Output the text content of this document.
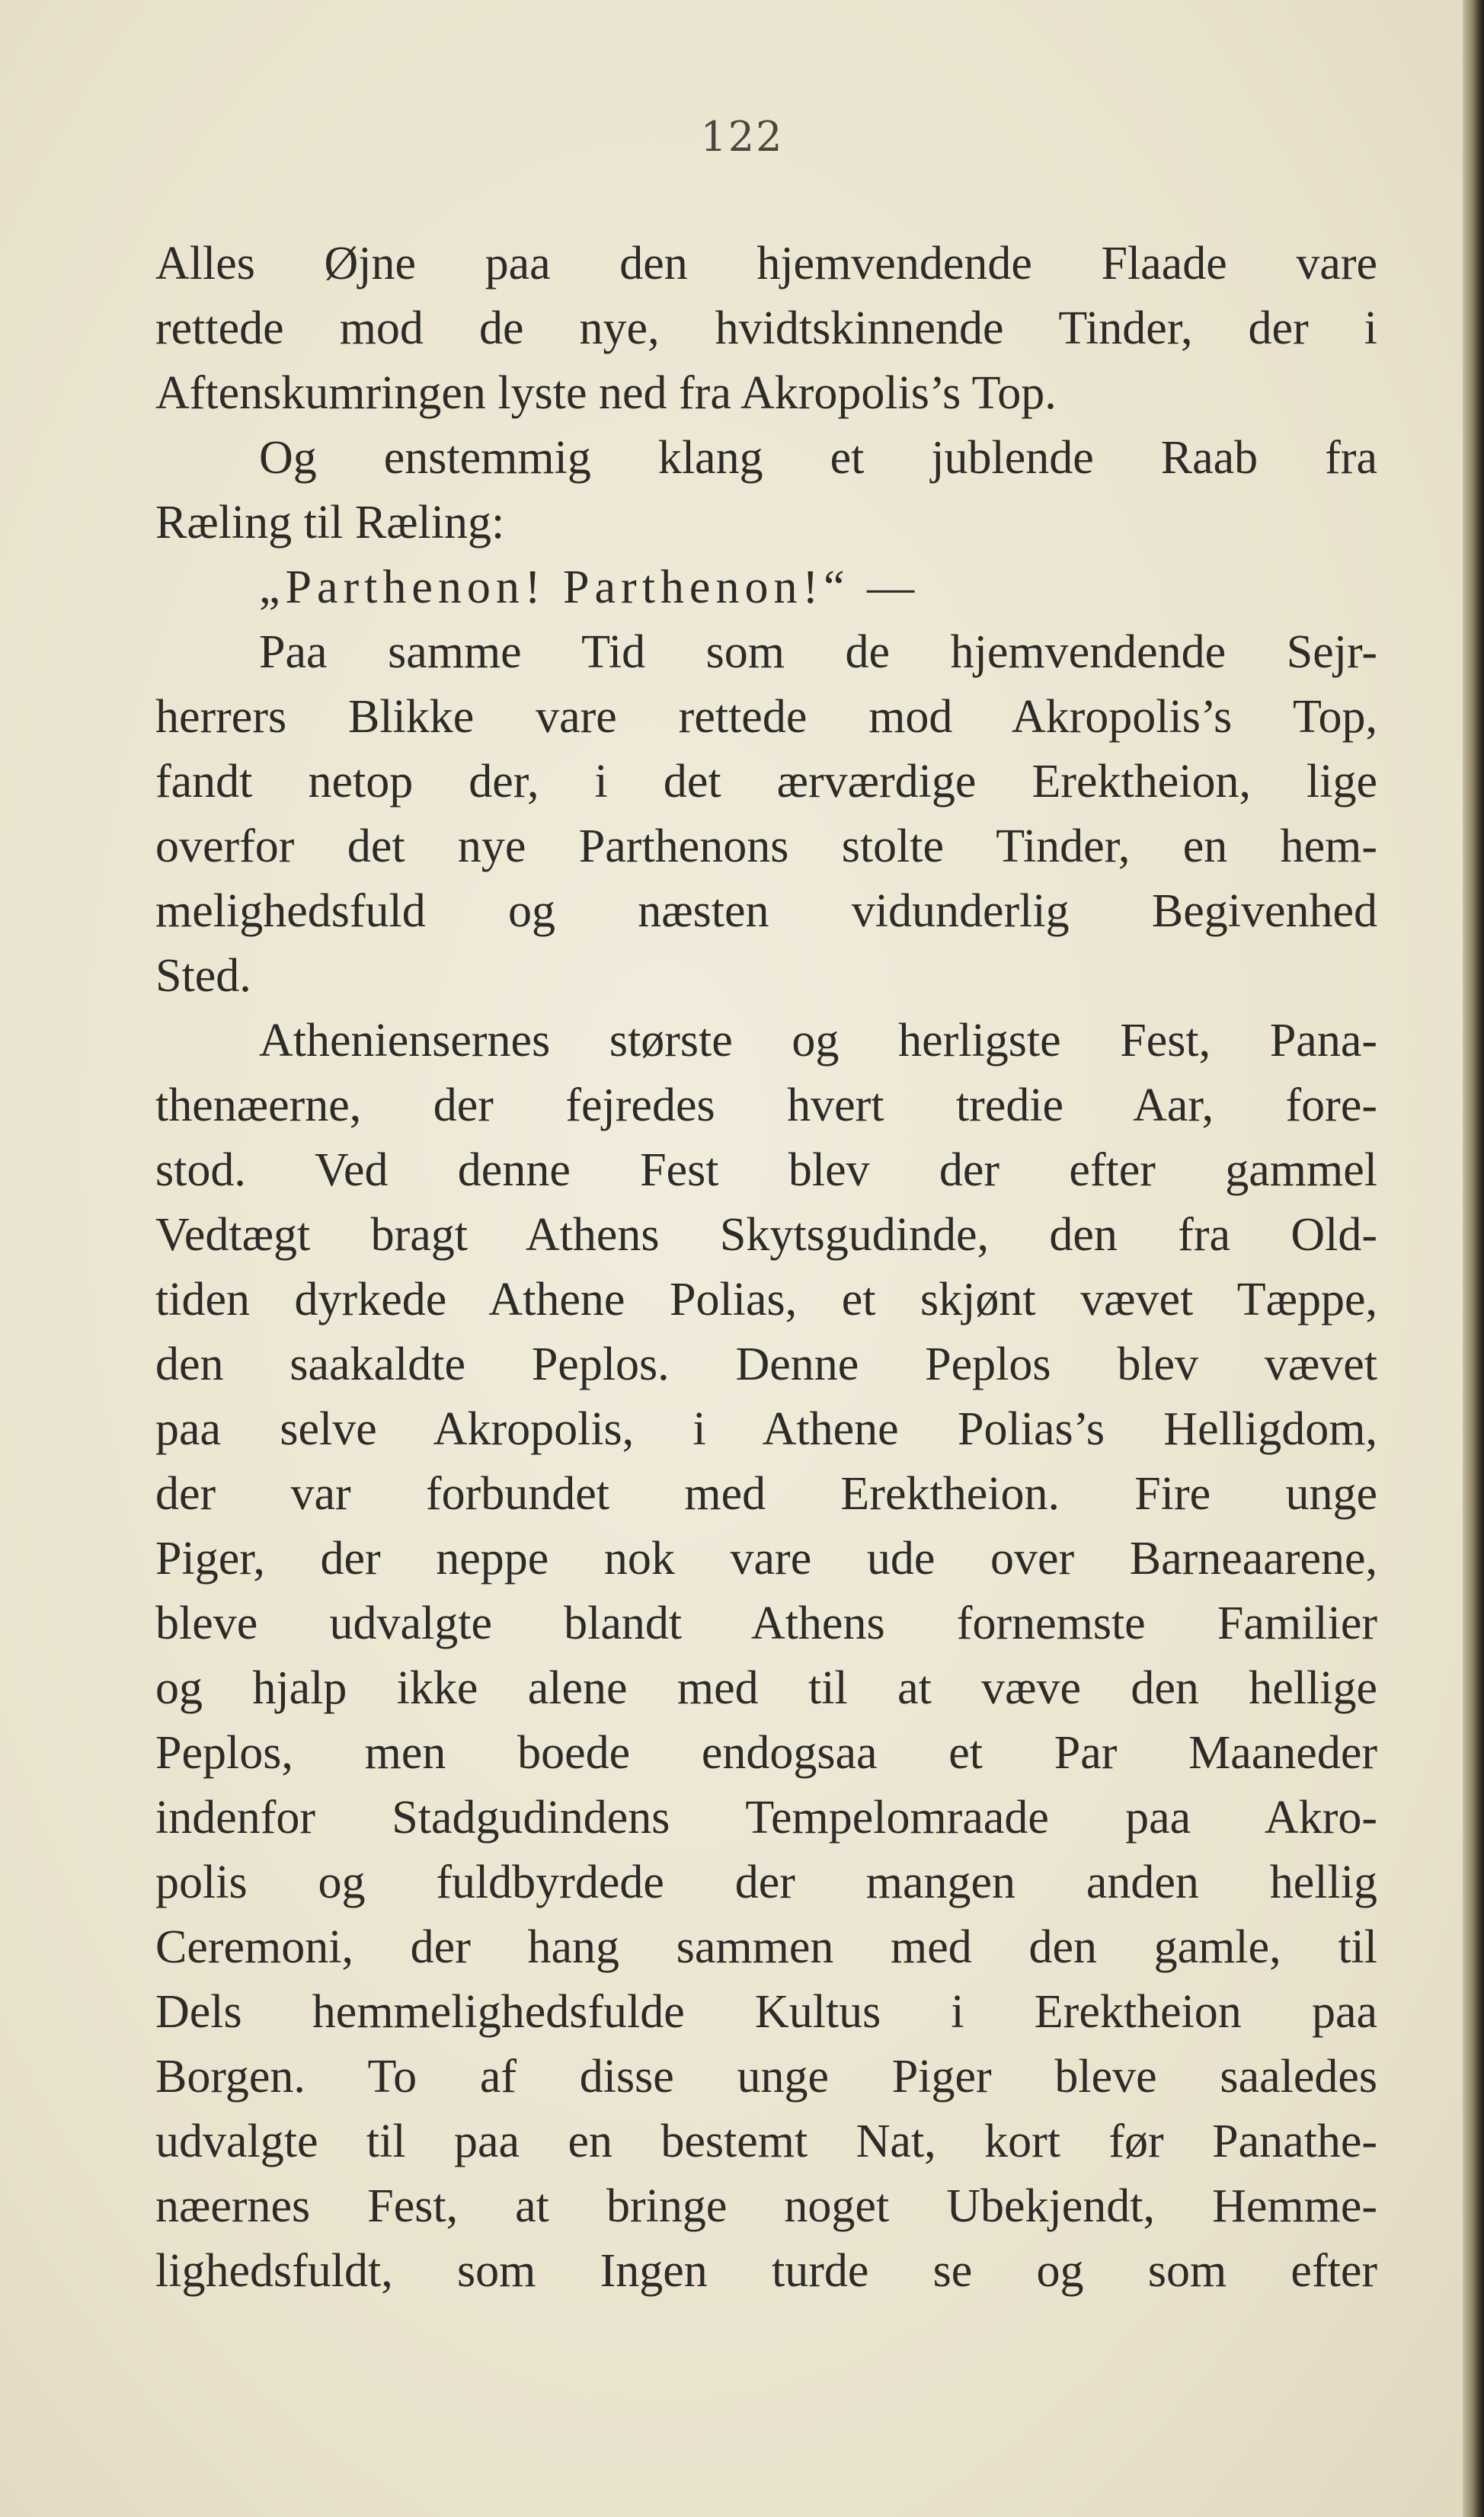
122
Alles Øjne paa den hjemvendende Flaade vare
rettede mod de nye, hvidtskinnende Tinder, der i
Aftenskumringen lyste ned fra Akropolis’s Top.
Og enstemmig klang et jublende Raab fra
Ræling til Ræling:
„Parthenon! Parthenon!“ —
Paa samme Tid som de hjemvendende Sejr-
herrers Blikke vare rettede mod Akropolis’s Top,
fandt netop der, i det ærværdige Erektheion, lige
overfor det nye Parthenons stolte Tinder, en hem-
melighedsfuld og næsten vidunderlig Begivenhed
Sted.
Atheniensernes største og herligste Fest, Pana-
thenæerne, der fejredes hvert tredie Aar, fore-
stod. Ved denne Fest blev der efter gammel
Vedtægt bragt Athens Skytsgudinde, den fra Old-
tiden dyrkede Athene Polias, et skjønt vævet Tæppe,
den saakaldte Peplos. Denne Peplos blev vævet
paa selve Akropolis, i Athene Polias’s Helligdom,
der var forbundet med Erektheion. Fire unge
Piger, der neppe nok vare ude over Barneaarene,
bleve udvalgte blandt Athens fornemste Familier
og hjalp ikke alene med til at væve den hellige
Peplos, men boede endogsaa et Par Maaneder
indenfor Stadgudindens Tempelomraade paa Akro-
polis og fuldbyrdede der mangen anden hellig
Ceremoni, der hang sammen med den gamle, til
Dels hemmelighedsfulde Kultus i Erektheion paa
Borgen. To af disse unge Piger bleve saaledes
udvalgte til paa en bestemt Nat, kort før Panathe-
næernes Fest, at bringe noget Ubekjendt, Hemme-
lighedsfuldt, som Ingen turde se og som efter
